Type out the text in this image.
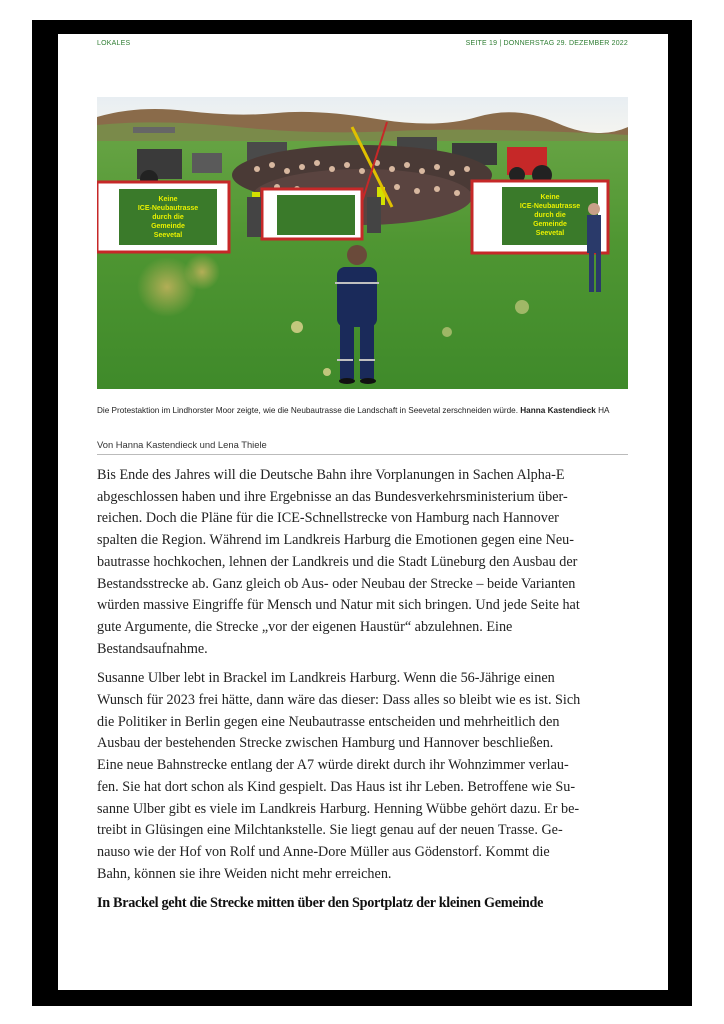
LOKALES	SEITE 19 | DONNERSTAG 29. DEZEMBER 2022
Keine
ICE-Neubautrasse
durch die
Gemeinde
Seevetal
Keine
ICE-Neubautrasse
durch die
Gemeinde
Seevetal
Die Protestaktion im Lindhorster Moor zeigte, wie die Neubautrasse die Landschaft in Seevetal zerschneiden würde. Hanna Kastendieck HA
Von Hanna Kastendieck und Lena Thiele

Bis Ende des Jahres will die Deutsche Bahn ihre Vorplanungen in Sachen Alpha-E
abgeschlossen haben und ihre Ergebnisse an das Bundesverkehrsministerium über-
reichen. Doch die Pläne für die ICE-Schnellstrecke von Hamburg nach Hannover
spalten die Region. Während im Landkreis Harburg die Emotionen gegen eine Neu-
bautrasse hochkochen, lehnen der Landkreis und die Stadt Lüneburg den Ausbau der
Bestandsstrecke ab. Ganz gleich ob Aus- oder Neubau der Strecke – beide Varianten
würden massive Eingriffe für Mensch und Natur mit sich bringen. Und jede Seite hat
gute Argumente, die Strecke „vor der eigenen Haustür“ abzulehnen. Eine
Bestandsaufnahme.

Susanne Ulber lebt in Brackel im Landkreis Harburg. Wenn die 56-Jährige einen
Wunsch für 2023 frei hätte, dann wäre das dieser: Dass alles so bleibt wie es ist. Sich
die Politiker in Berlin gegen eine Neubautrasse entscheiden und mehrheitlich den
Ausbau der bestehenden Strecke zwischen Hamburg und Hannover beschließen.
Eine neue Bahnstrecke entlang der A7 würde direkt durch ihr Wohnzimmer verlau-
fen. Sie hat dort schon als Kind gespielt. Das Haus ist ihr Leben. Betroffene wie Su-
sanne Ulber gibt es viele im Landkreis Harburg. Henning Wübbe gehört dazu. Er be-
treibt in Glüsingen eine Milchtankstelle. Sie liegt genau auf der neuen Trasse. Ge-
nauso wie der Hof von Rolf und Anne-Dore Müller aus Gödenstorf. Kommt die
Bahn, können sie ihre Weiden nicht mehr erreichen.

In Brackel geht die Strecke mitten über den Sportplatz der kleinen Gemeinde
